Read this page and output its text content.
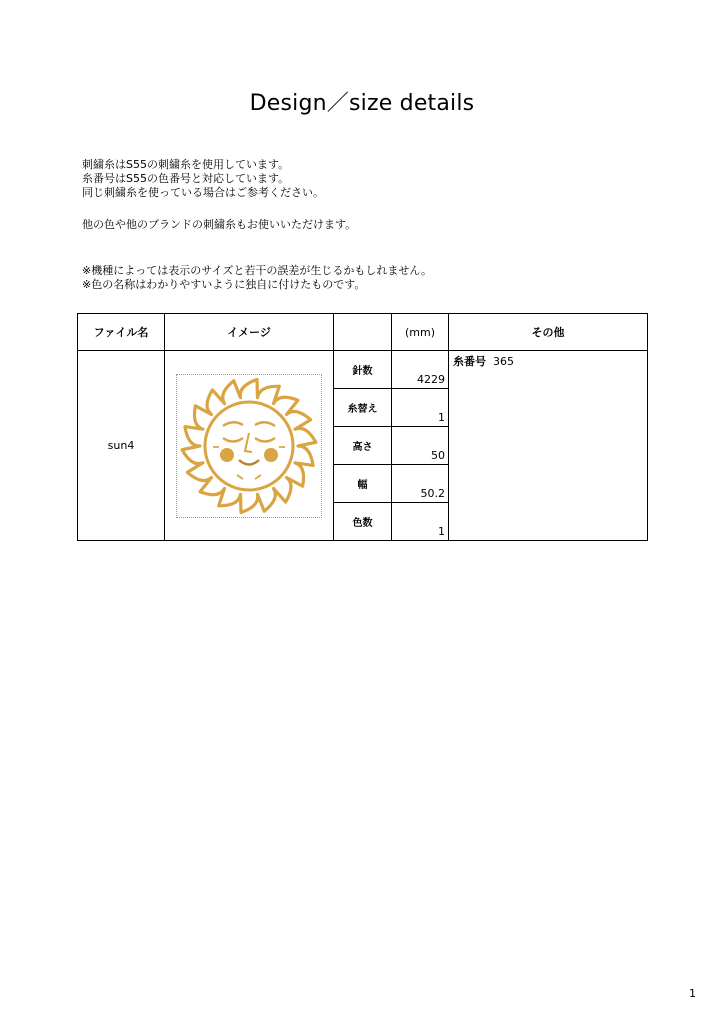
Design／size details
刺繍糸はS55の刺繍糸を使用しています。
糸番号はS55の色番号と対応しています。
同じ刺繍糸を使っている場合はご参考ください。
他の色や他のブランドの刺繍糸もお使いいただけます。
※機種によっては表示のサイズと若干の誤差が生じるかもしれません。
※色の名称はわかりやすいように独自に付けたものです。
ファイル名	イメージ		(mm)	その他
sun4		針数	4229	糸番号 365
		糸替え	1	
		高さ	50	
		幅	50.2	
		色数	1	
1
